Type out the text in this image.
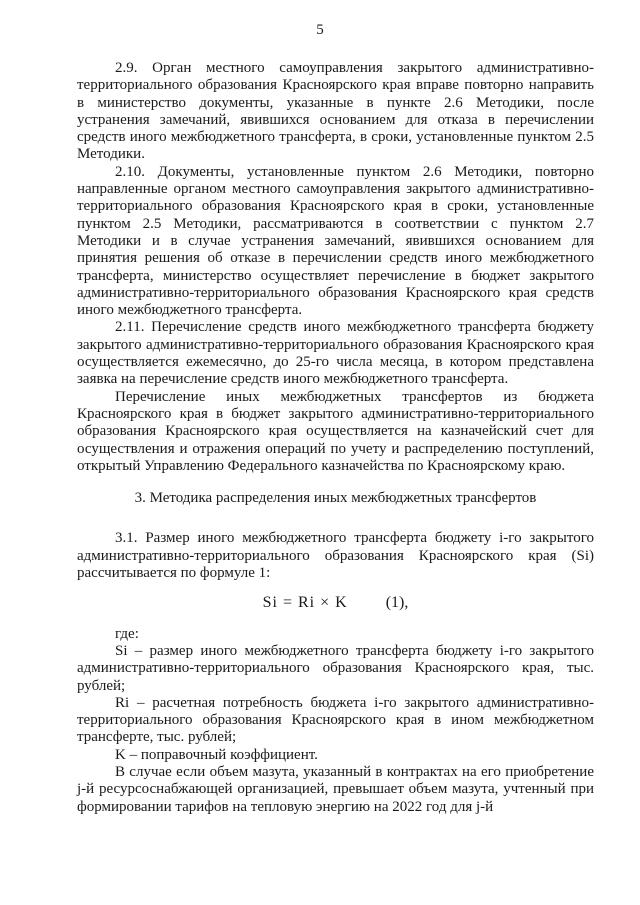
5

2.9. Орган местного самоуправления закрытого административно-территориального образования Красноярского края вправе повторно направить в министерство документы, указанные в пункте 2.6 Методики, после устранения замечаний, явившихся основанием для отказа в перечислении средств иного межбюджетного трансферта, в сроки, установленные пунктом 2.5 Методики.

2.10. Документы, установленные пунктом 2.6 Методики, повторно направленные органом местного самоуправления закрытого административно-территориального образования Красноярского края в сроки, установленные пунктом 2.5 Методики, рассматриваются в соответствии с пунктом 2.7 Методики и в случае устранения замечаний, явившихся основанием для принятия решения об отказе в перечислении средств иного межбюджетного трансферта, министерство осуществляет перечисление в бюджет закрытого административно-территориального образования Красноярского края средств иного межбюджетного трансферта.

2.11. Перечисление средств иного межбюджетного трансферта бюджету закрытого административно-территориального образования Красноярского края осуществляется ежемесячно, до 25-го числа месяца, в котором представлена заявка на перечисление средств иного межбюджетного трансферта.

Перечисление иных межбюджетных трансфертов из бюджета Красноярского края в бюджет закрытого административно-территориального образования Красноярского края осуществляется на казначейский счет для осуществления и отражения операций по учету и распределению поступлений, открытый Управлению Федерального казначейства по Красноярскому краю.

3. Методика распределения иных межбюджетных трансфертов

3.1. Размер иного межбюджетного трансферта бюджету i-го закрытого административно-территориального образования Красноярского края (Si) рассчитывается по формуле 1:

Si = Ri × K (1),

где:

Si – размер иного межбюджетного трансферта бюджету i-го закрытого административно-территориального образования Красноярского края, тыс. рублей;

Ri – расчетная потребность бюджета i-го закрытого административно-территориального образования Красноярского края в ином межбюджетном трансферте, тыс. рублей;

K – поправочный коэффициент.

В случае если объем мазута, указанный в контрактах на его приобретение j-й ресурсоснабжающей организацией, превышает объем мазута, учтенный при формировании тарифов на тепловую энергию на 2022 год для j-й
